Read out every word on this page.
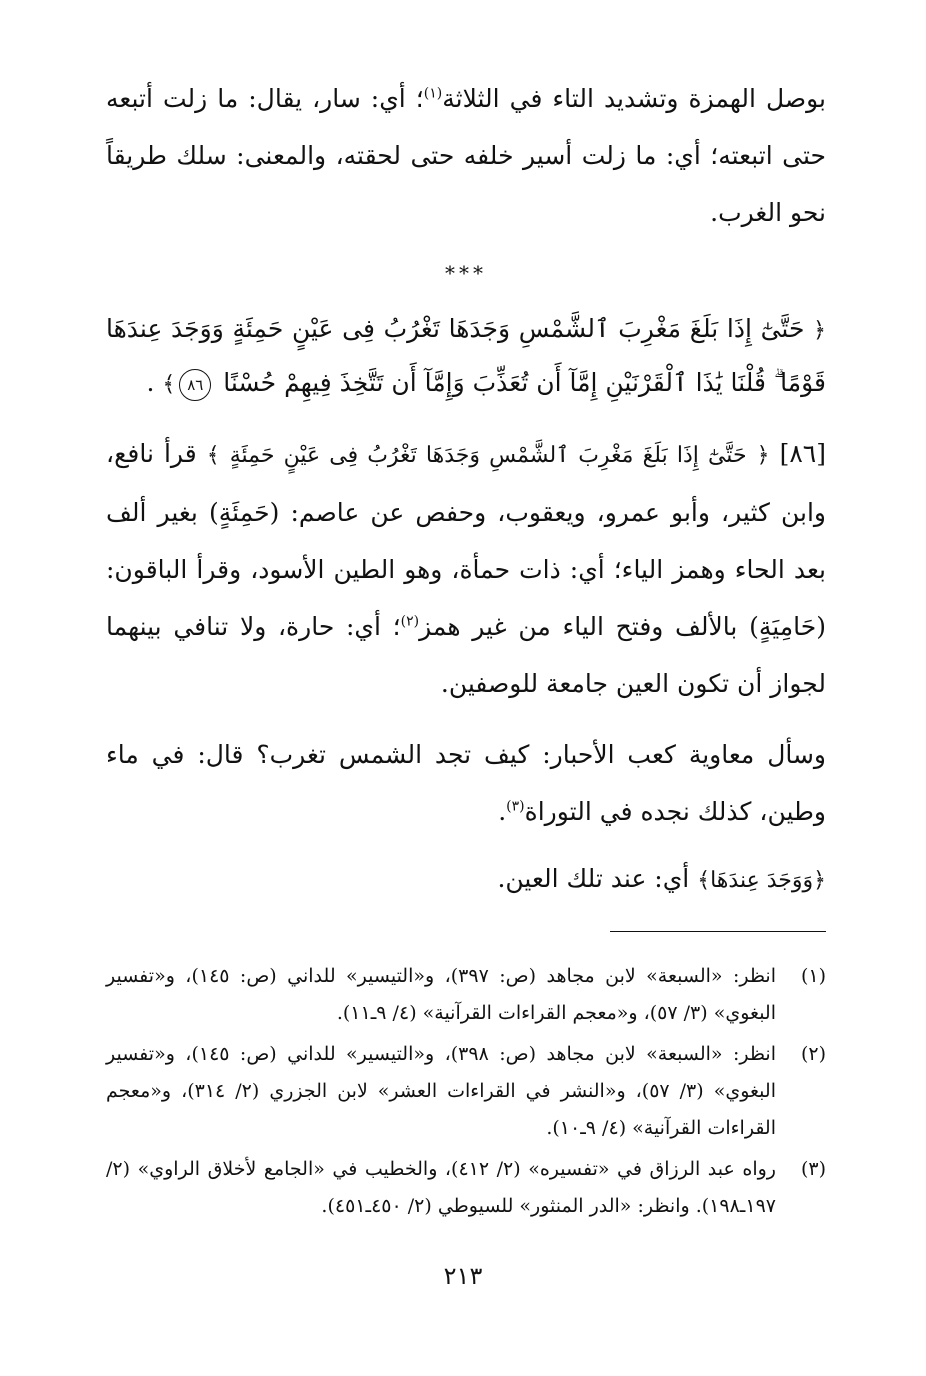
بوصل الهمزة وتشديد التاء في الثلاثة$^{(١)}$؛ أي: سار، يقال: ما زلت أتبعه حتى اتبعته؛ أي: ما زلت أسير خلفه حتى لحقته، والمعنى: سلك طريقاً نحو الغرب.

***

﴿ حَتَّىٰٓ إِذَا بَلَغَ مَغْرِبَ ٱلشَّمْسِ وَجَدَهَا تَغْرُبُ فِى عَيْنٍ حَمِئَةٍ وَوَجَدَ عِندَهَا قَوْمًا ۗ قُلْنَا يَٰذَا ٱلْقَرْنَيْنِ إِمَّآ أَن تُعَذِّبَ وَإِمَّآ أَن تَتَّخِذَ فِيهِمْ حُسْنًا ٨٦﴾ .

[٨٦] ﴿ حَتَّىٰٓ إِذَا بَلَغَ مَغْرِبَ ٱلشَّمْسِ وَجَدَهَا تَغْرُبُ فِى عَيْنٍ حَمِئَةٍ ﴾ قرأ نافع، وابن كثير، وأبو عمرو، ويعقوب، وحفص عن عاصم: (حَمِئَةٍ) بغير ألف بعد الحاء وهمز الياء؛ أي: ذات حمأة، وهو الطين الأسود، وقرأ الباقون: (حَامِيَةٍ) بالألف وفتح الياء من غير همز$^{(٢)}$؛ أي: حارة، ولا تنافي بينهما لجواز أن تكون العين جامعة للوصفين.

وسأل معاوية كعب الأحبار: كيف تجد الشمس تغرب؟ قال: في ماء وطين، كذلك نجده في التوراة$^{(٣)}$.

﴿وَوَجَدَ عِندَهَا﴾ أي: عند تلك العين.

(١)
انظر: «السبعة» لابن مجاهد (ص: ٣٩٧)، و«التيسير» للداني (ص: ١٤٥)، و«تفسير البغوي» (٣/ ٥٧)، و«معجم القراءات القرآنية» (٤/ ٩ـ١١).
(٢)
انظر: «السبعة» لابن مجاهد (ص: ٣٩٨)، و«التيسير» للداني (ص: ١٤٥)، و«تفسير البغوي» (٣/ ٥٧)، و«النشر في القراءات العشر» لابن الجزري (٢/ ٣١٤)، و«معجم القراءات القرآنية» (٤/ ٩ـ١٠).
(٣)
رواه عبد الرزاق في «تفسيره» (٢/ ٤١٢)، والخطيب في «الجامع لأخلاق الراوي» (٢/ ١٩٧ـ١٩٨). وانظر: «الدر المنثور» للسيوطي (٢/ ٤٥٠ـ٤٥١).
٢١٣
